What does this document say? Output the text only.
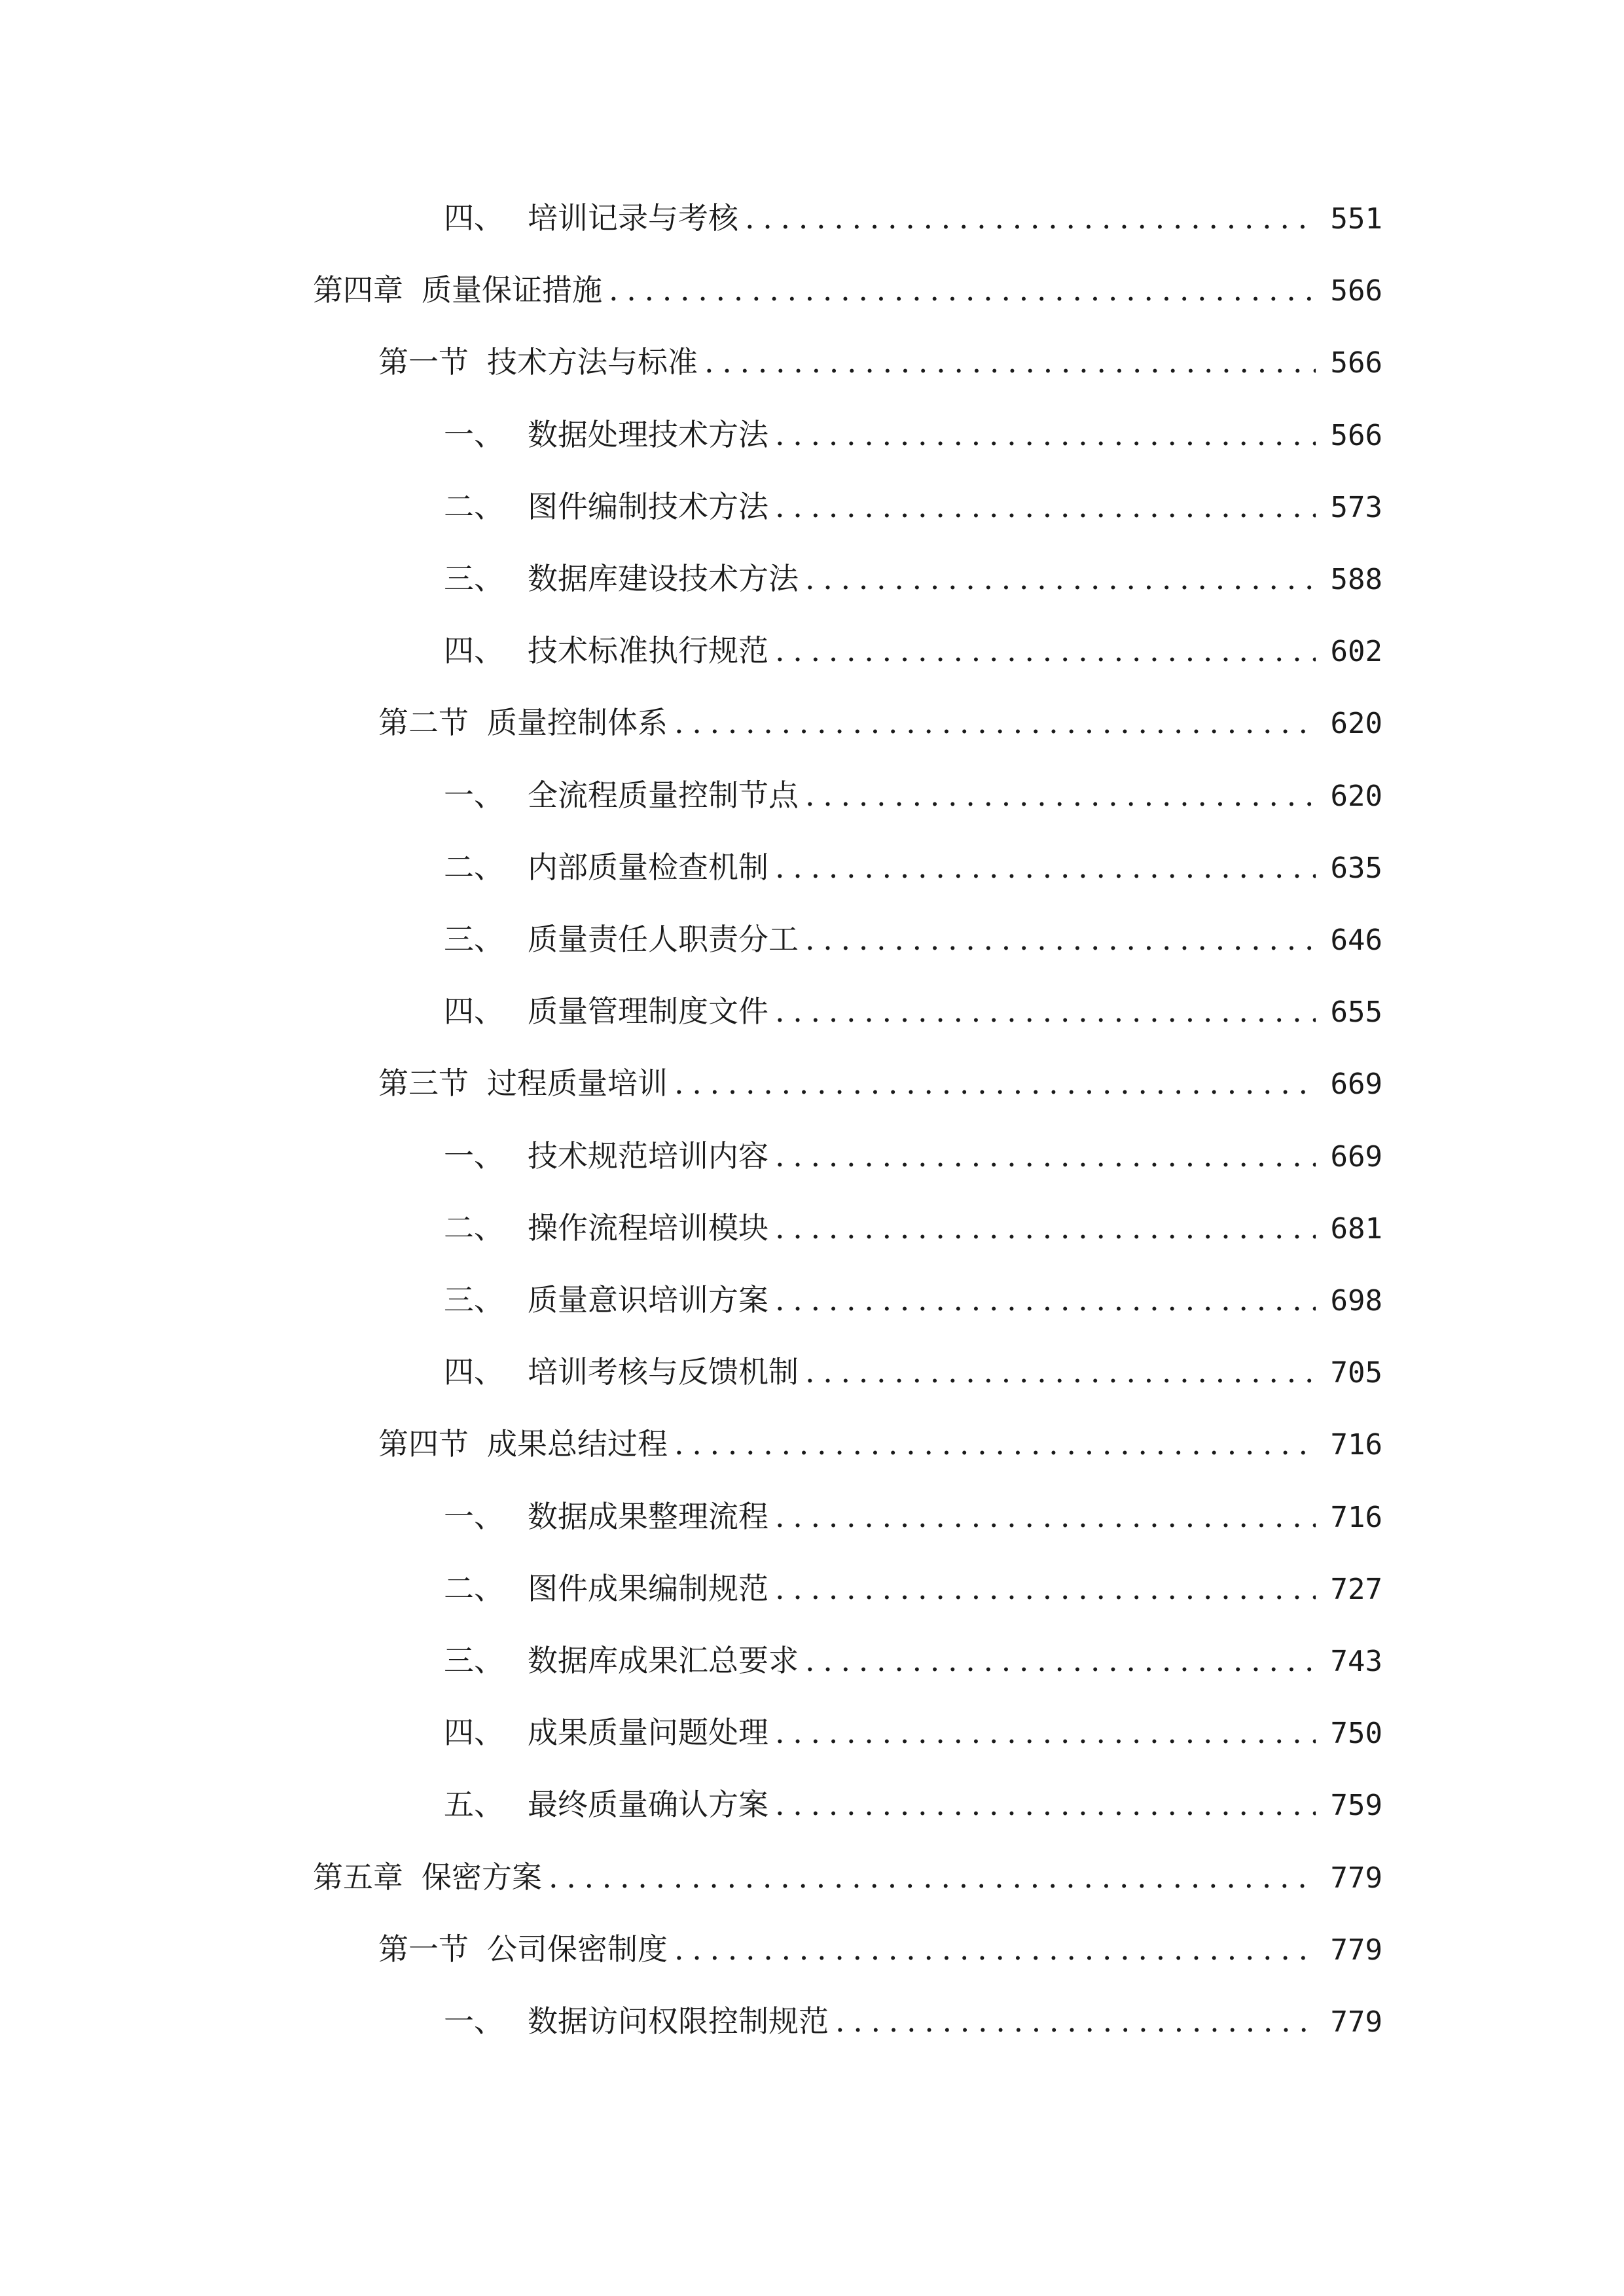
四、 培训记录与考核 . . .	551
第四章 质量保证措施 . . .	566
第一节 技术方法与标准 . . .	566
一、 数据处理技术方法 . . .	566
二、 图件编制技术方法 . . .	573
三、 数据库建设技术方法 . . .	588
四、 技术标准执行规范 . . .	602
第二节 质量控制体系 . . .	620
一、 全流程质量控制节点 . . .	620
二、 内部质量检查机制 . . .	635
三、 质量责任人职责分工 . . .	646
四、 质量管理制度文件 . . .	655
第三节 过程质量培训 . . .	669
一、 技术规范培训内容 . . .	669
二、 操作流程培训模块 . . .	681
三、 质量意识培训方案 . . .	698
四、 培训考核与反馈机制 . . .	705
第四节 成果总结过程 . . .	716
一、 数据成果整理流程 . . .	716
二、 图件成果编制规范 . . .	727
三、 数据库成果汇总要求 . . .	743
四、 成果质量问题处理 . . .	750
五、 最终质量确认方案 . . .	759
第五章 保密方案 . . .	779
第一节 公司保密制度 . . .	779
一、 数据访问权限控制规范 . . .	779
